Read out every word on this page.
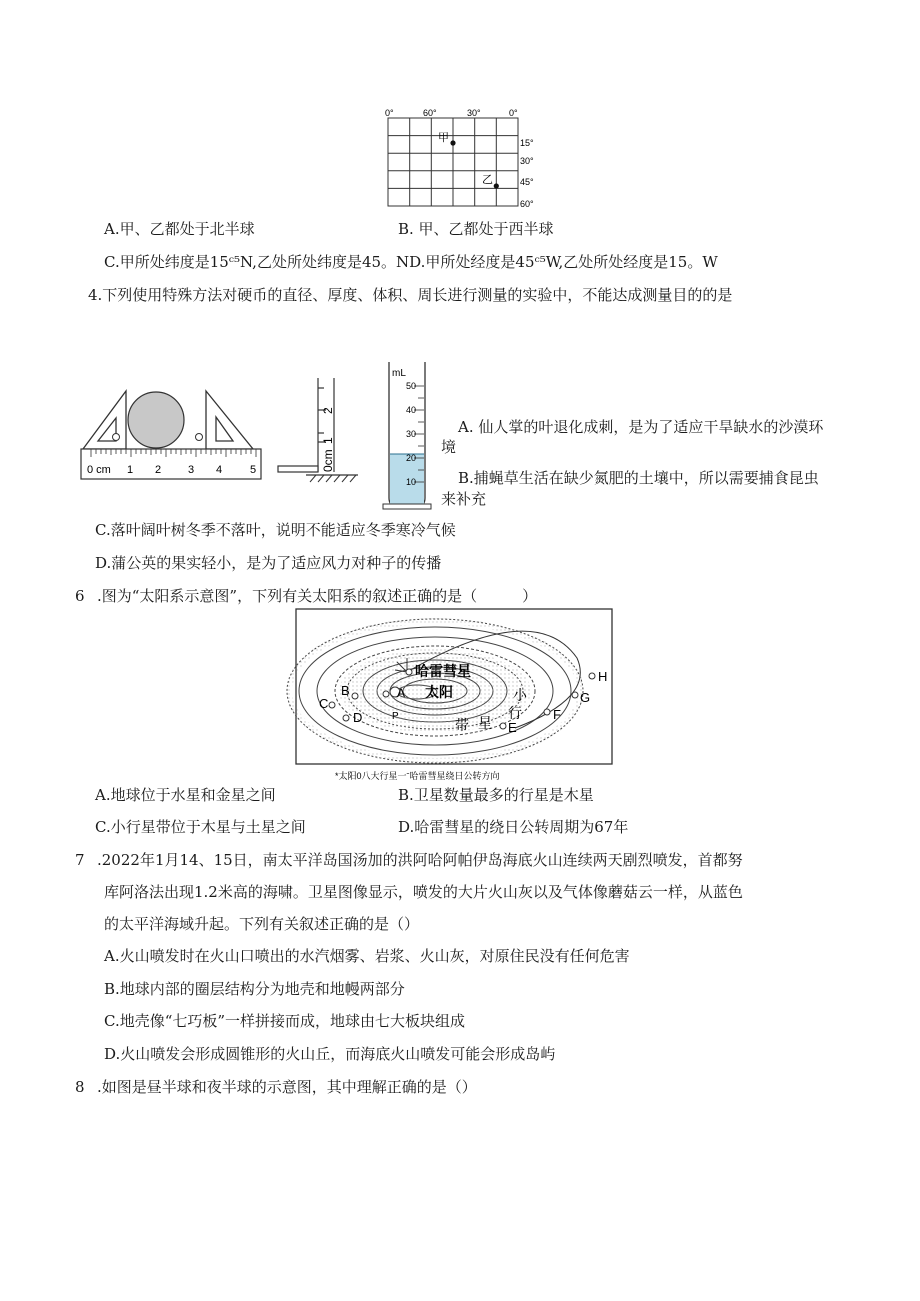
0°	60°	30°	0°
15°
30°
45°
60°
甲
乙
A.甲、乙都处于北半球	B. 甲、乙都处于西半球
C.甲所处纬度是15ᶜ⁵N,乙处所处纬度是45。ND.甲所处经度是45ᶜ⁵W,乙处所处经度是15。W
4.下列使用特殊方法对硬币的直径、厚度、体积、周长进行测量的实验中，不能达成测量目的的是
0 cm 1 2 3 4	5	0cm
1
2
mL
50
40
30
20
10
A. 仙人掌的叶退化成刺，是为了适应干旱缺水的沙漠环
境
B.捕蝇草生活在缺少氮肥的土壤中，所以需要捕食昆虫
来补充
C.落叶阔叶树冬季不落叶，说明不能适应冬季寒冷气候
D.蒲公英的果实轻小，是为了适应风力对种子的传播
6 .图为“太阳系示意图”，下列有关太阳系的叙述正确的是（　　　）
哈雷彗星
太阳
A
B
C
D	P
E
F
G
H
小
行
带 星
*太阳0八大行星一ˉ哈雷彗星绕日公转方向
A.地球位于水星和金星之间	B.卫星数量最多的行星是木星
C.小行星带位于木星与土星之间	D.哈雷彗星的绕日公转周期为67年
7 .2022年1月14、15日，南太平洋岛国汤加的洪阿哈阿帕伊岛海底火山连续两天剧烈喷发，首都努
库阿洛法出现1.2米高的海啸。卫星图像显示，喷发的大片火山灰以及气体像蘑菇云一样，从蓝色
的太平洋海域升起。下列有关叙述正确的是（）
A.火山喷发时在火山口喷出的水汽烟雾、岩浆、火山灰，对原住民没有任何危害
B.地球内部的圈层结构分为地壳和地幔两部分
C.地壳像“七巧板”一样拼接而成，地球由七大板块组成
D.火山喷发会形成圆锥形的火山丘，而海底火山喷发可能会形成岛屿
8 .如图是昼半球和夜半球的示意图，其中理解正确的是（）
